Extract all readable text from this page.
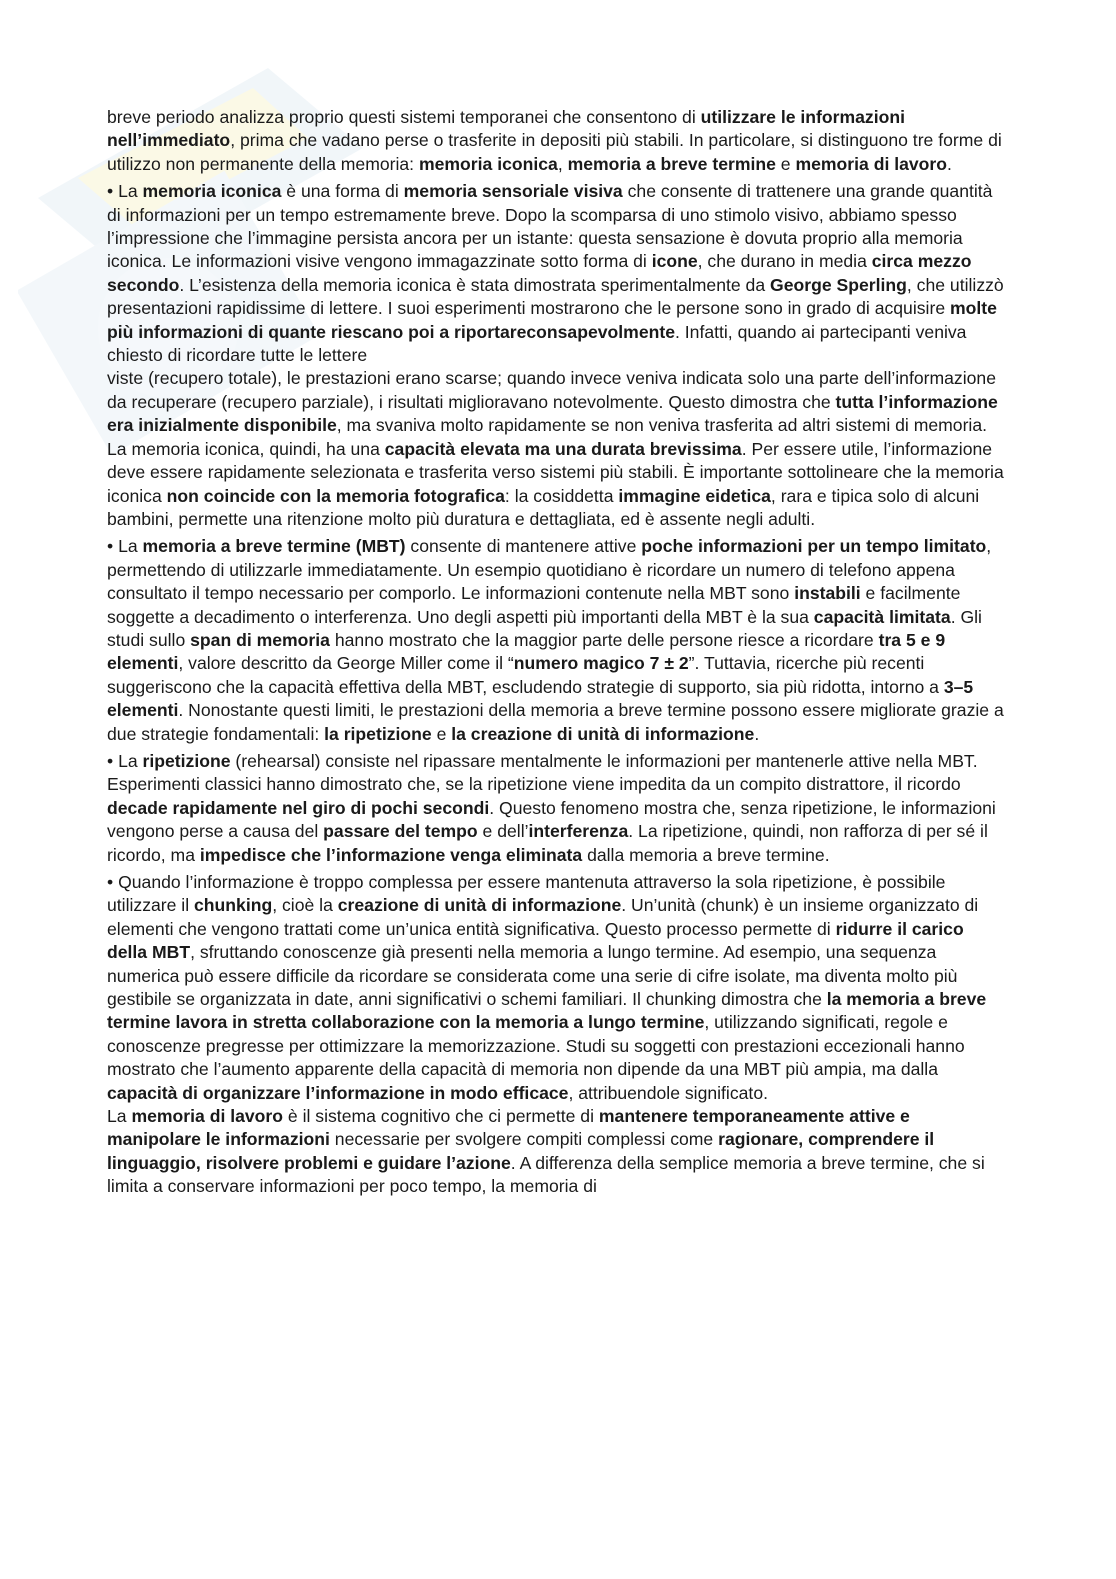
breve periodo analizza proprio questi sistemi temporanei che consentono di utilizzare le informazioni nell’immediato, prima che vadano perse o trasferite in depositi più stabili. In particolare, si distinguono tre forme di utilizzo non permanente della memoria: memoria iconica, memoria a breve termine e memoria di lavoro.

• La memoria iconica è una forma di memoria sensoriale visiva che consente di trattenere una grande quantità di informazioni per un tempo estremamente breve. Dopo la scomparsa di uno stimolo visivo, abbiamo spesso l’impressione che l’immagine persista ancora per un istante: questa sensazione è dovuta proprio alla memoria iconica. Le informazioni visive vengono immagazzinate sotto forma di icone, che durano in media circa mezzo secondo. L’esistenza della memoria iconica è stata dimostrata sperimentalmente da George Sperling, che utilizzò presentazioni rapidissime di lettere. I suoi esperimenti mostrarono che le persone sono in grado di acquisire molte più informazioni di quante riescano poi a riportareconsapevolmente. Infatti, quando ai partecipanti veniva chiesto di ricordare tutte le lettere
viste (recupero totale), le prestazioni erano scarse; quando invece veniva indicata solo una parte dell’informazione da recuperare (recupero parziale), i risultati miglioravano notevolmente. Questo dimostra che tutta l’informazione era inizialmente disponibile, ma svaniva molto rapidamente se non veniva trasferita ad altri sistemi di memoria. La memoria iconica, quindi, ha una capacità elevata ma una durata brevissima. Per essere utile, l’informazione deve essere rapidamente selezionata e trasferita verso sistemi più stabili. È importante sottolineare che la memoria iconica non coincide con la memoria fotografica: la cosiddetta immagine eidetica, rara e tipica solo di alcuni bambini, permette una ritenzione molto più duratura e dettagliata, ed è assente negli adulti.

• La memoria a breve termine (MBT) consente di mantenere attive poche informazioni per un tempo limitato, permettendo di utilizzarle immediatamente. Un esempio quotidiano è ricordare un numero di telefono appena consultato il tempo necessario per comporlo. Le informazioni contenute nella MBT sono instabili e facilmente soggette a decadimento o interferenza. Uno degli aspetti più importanti della MBT è la sua capacità limitata. Gli studi sullo span di memoria hanno mostrato che la maggior parte delle persone riesce a ricordare tra 5 e 9 elementi, valore descritto da George Miller come il “numero magico 7 ± 2”. Tuttavia, ricerche più recenti suggeriscono che la capacità effettiva della MBT, escludendo strategie di supporto, sia più ridotta, intorno a 3–5 elementi. Nonostante questi limiti, le prestazioni della memoria a breve termine possono essere migliorate grazie a due strategie fondamentali: la ripetizione e la creazione di unità di informazione.

• La ripetizione (rehearsal) consiste nel ripassare mentalmente le informazioni per mantenerle attive nella MBT. Esperimenti classici hanno dimostrato che, se la ripetizione viene impedita da un compito distrattore, il ricordo decade rapidamente nel giro di pochi secondi. Questo fenomeno mostra che, senza ripetizione, le informazioni vengono perse a causa del passare del tempo e dell’interferenza. La ripetizione, quindi, non rafforza di per sé il ricordo, ma impedisce che l’informazione venga eliminata dalla memoria a breve termine.

• Quando l’informazione è troppo complessa per essere mantenuta attraverso la sola ripetizione, è possibile utilizzare il chunking, cioè la creazione di unità di informazione. Un’unità (chunk) è un insieme organizzato di elementi che vengono trattati come un’unica entità significativa. Questo processo permette di ridurre il carico della MBT, sfruttando conoscenze già presenti nella memoria a lungo termine. Ad esempio, una sequenza numerica può essere difficile da ricordare se considerata come una serie di cifre isolate, ma diventa molto più gestibile se organizzata in date, anni significativi o schemi familiari. Il chunking dimostra che la memoria a breve termine lavora in stretta collaborazione con la memoria a lungo termine, utilizzando significati, regole e conoscenze pregresse per ottimizzare la memorizzazione. Studi su soggetti con prestazioni eccezionali hanno mostrato che l’aumento apparente della capacità di memoria non dipende da una MBT più ampia, ma dalla capacità di organizzare l’informazione in modo efficace, attribuendole significato.
La memoria di lavoro è il sistema cognitivo che ci permette di mantenere temporaneamente attive e manipolare le informazioni necessarie per svolgere compiti complessi come ragionare, comprendere il linguaggio, risolvere problemi e guidare l’azione. A differenza della semplice memoria a breve termine, che si limita a conservare informazioni per poco tempo, la memoria di
